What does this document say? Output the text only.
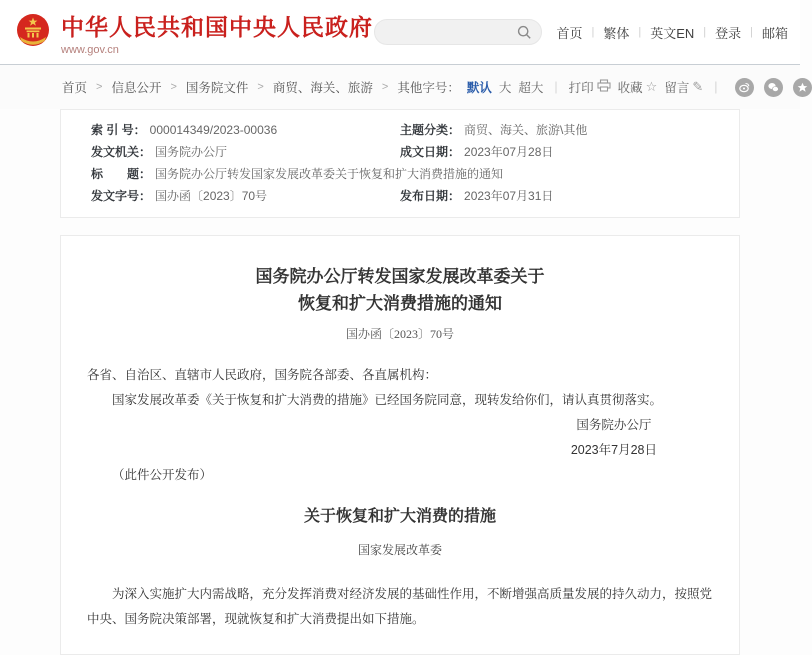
中华人民共和国中央人民政府
www.gov.cn
首页 | 繁体 | 英文EN | 登录 | 邮箱
首页 > 信息公开 > 国务院文件 > 商贸、海关、旅游 > 其他 字号： 默认 大 超大 | 打印 收藏 ☆ 留言 ✎ |
索 引 号： 000014349/2023-00036	主题分类： 商贸、海关、旅游\其他
发文机关： 国务院办公厅	成文日期： 2023年07月28日
标　　题： 国务院办公厅转发国家发展改革委关于恢复和扩大消费措施的通知
发文字号： 国办函〔2023〕70号	发布日期： 2023年07月31日
国务院办公厅转发国家发展改革委关于
恢复和扩大消费措施的通知
国办函〔2023〕70号
各省、自治区、直辖市人民政府，国务院各部委、各直属机构：
国家发展改革委《关于恢复和扩大消费的措施》已经国务院同意，现转发给你们，请认真贯彻落实。
国务院办公厅
2023年7月28日
（此件公开发布）
关于恢复和扩大消费的措施
国家发展改革委
为深入实施扩大内需战略，充分发挥消费对经济发展的基础性作用，不断增强高质量发展的持久动力，按照党中央、国务院决策部署，现就恢复和扩大消费提出如下措施。
